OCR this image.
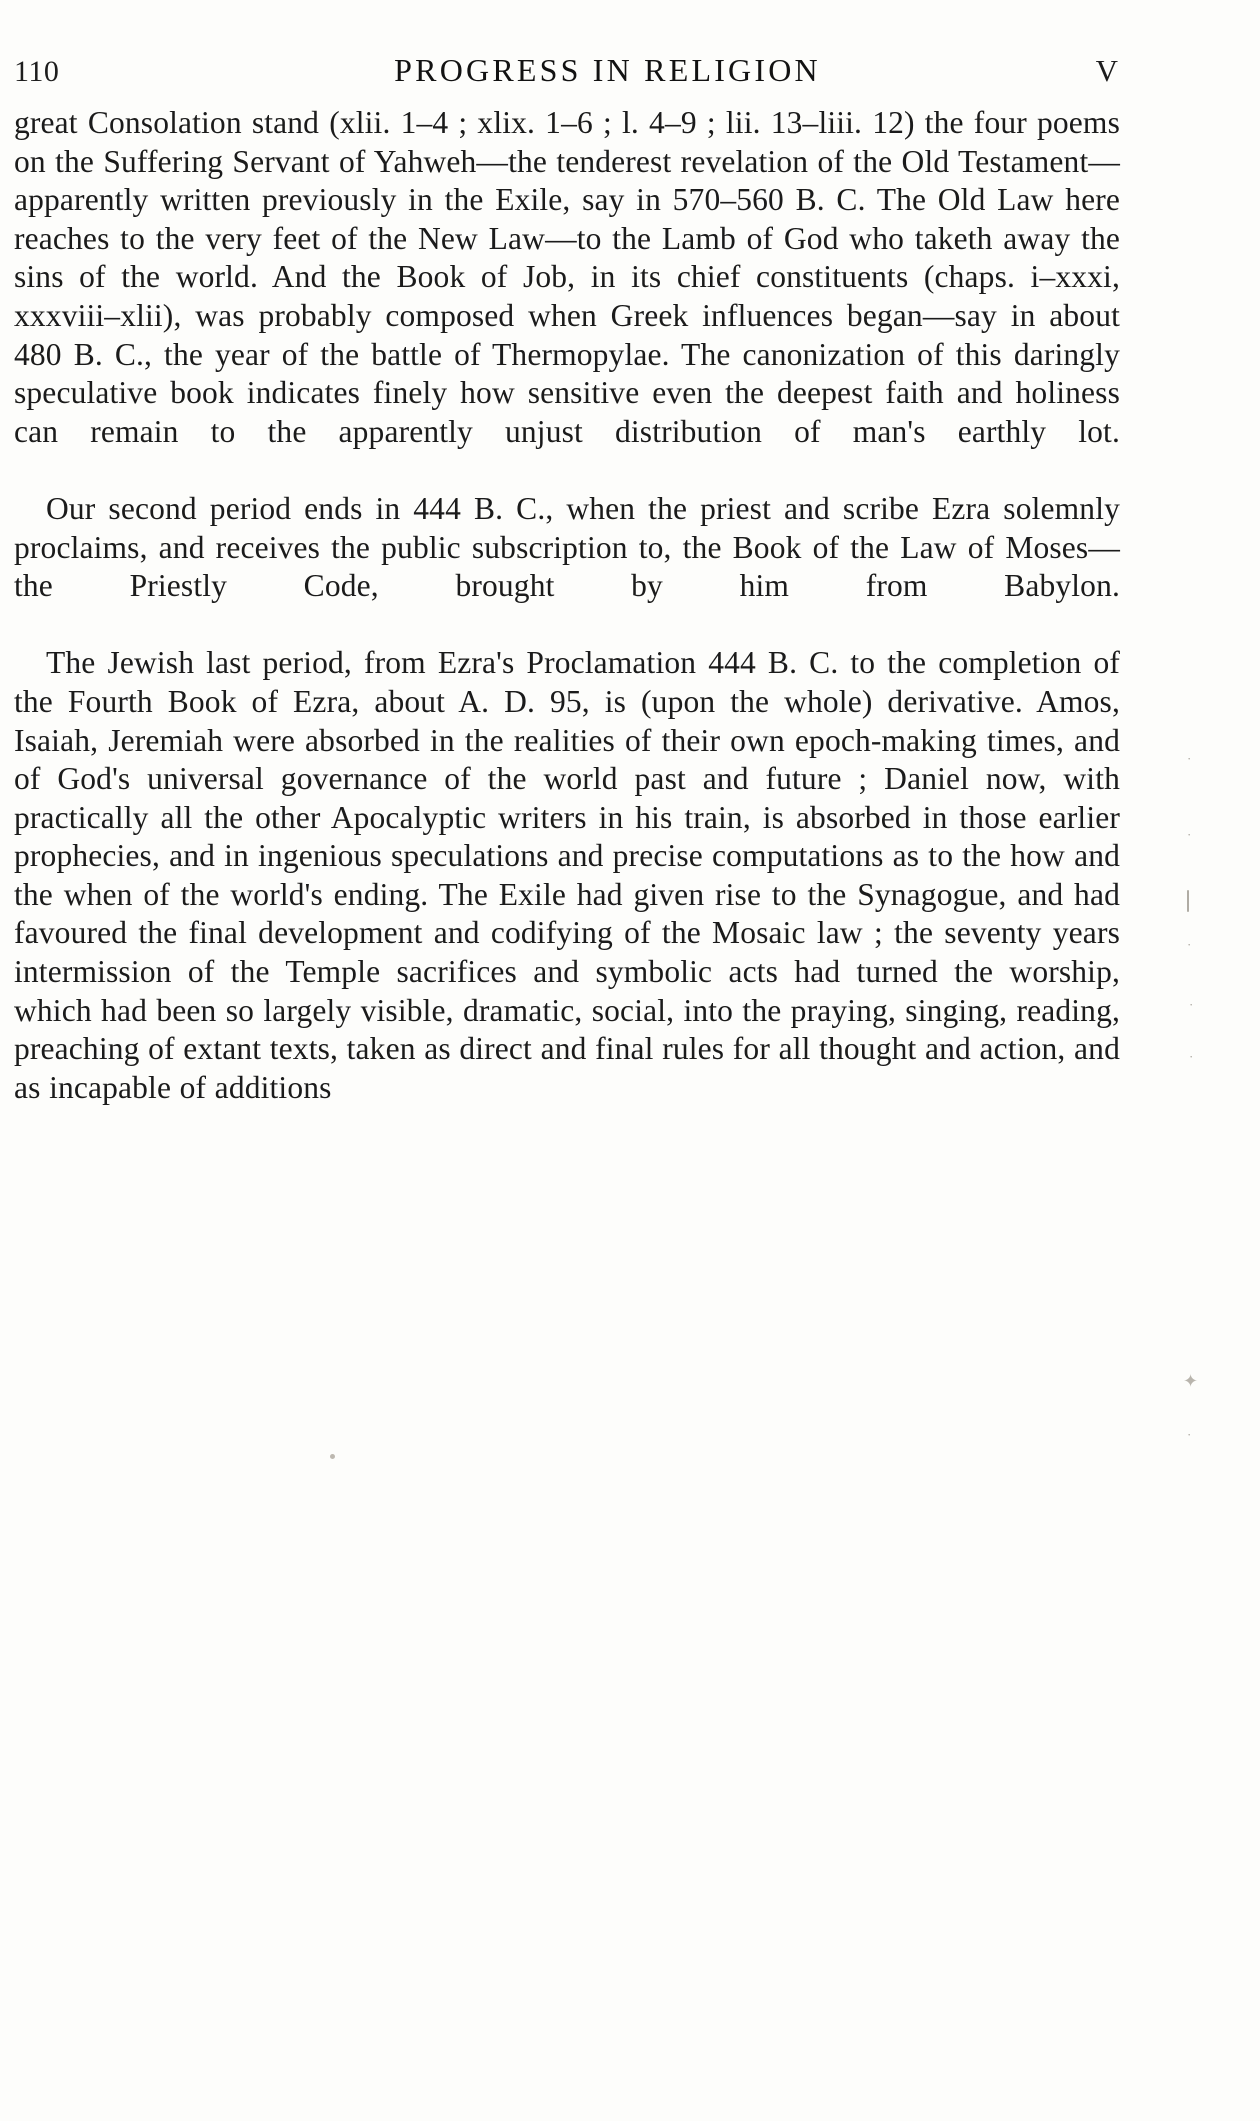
110	PROGRESS IN RELIGION	V

great Consolation stand (xlii. 1–4 ; xlix. 1–6 ; l. 4–9 ; lii. 13–liii. 12) the four poems on the Suffering Servant of Yahweh—the tenderest revelation of the Old Testament—apparently written previously in the Exile, say in 570–560 B. C. The Old Law here reaches to the very feet of the New Law—to the Lamb of God who taketh away the sins of the world. And the Book of Job, in its chief constituents (chaps. i–xxxi, xxxviii–xlii), was probably composed when Greek influences began—say in about 480 B. C., the year of the battle of Thermopylae. The canonization of this daringly speculative book indicates finely how sensitive even the deepest faith and holiness can remain to the apparently unjust distribution of man's earthly lot.

Our second period ends in 444 B. C., when the priest and scribe Ezra solemnly proclaims, and receives the public subscription to, the Book of the Law of Moses—the Priestly Code, brought by him from Babylon.

The Jewish last period, from Ezra's Proclamation 444 B. C. to the completion of the Fourth Book of Ezra, about A. D. 95, is (upon the whole) derivative. Amos, Isaiah, Jeremiah were absorbed in the realities of their own epoch-making times, and of God's universal governance of the world past and future ; Daniel now, with practically all the other Apocalyptic writers in his train, is absorbed in those earlier prophecies, and in ingenious speculations and precise computations as to the how and the when of the world's ending. The Exile had given rise to the Synagogue, and had favoured the final development and codifying of the Mosaic law ; the seventy years intermission of the Temple sacrifices and symbolic acts had turned the worship, which had been so largely visible, dramatic, social, into the praying, singing, reading, preaching of extant texts, taken as direct and final rules for all thought and action, and as incapable of additions

·
·
·
·
·
✦
·
